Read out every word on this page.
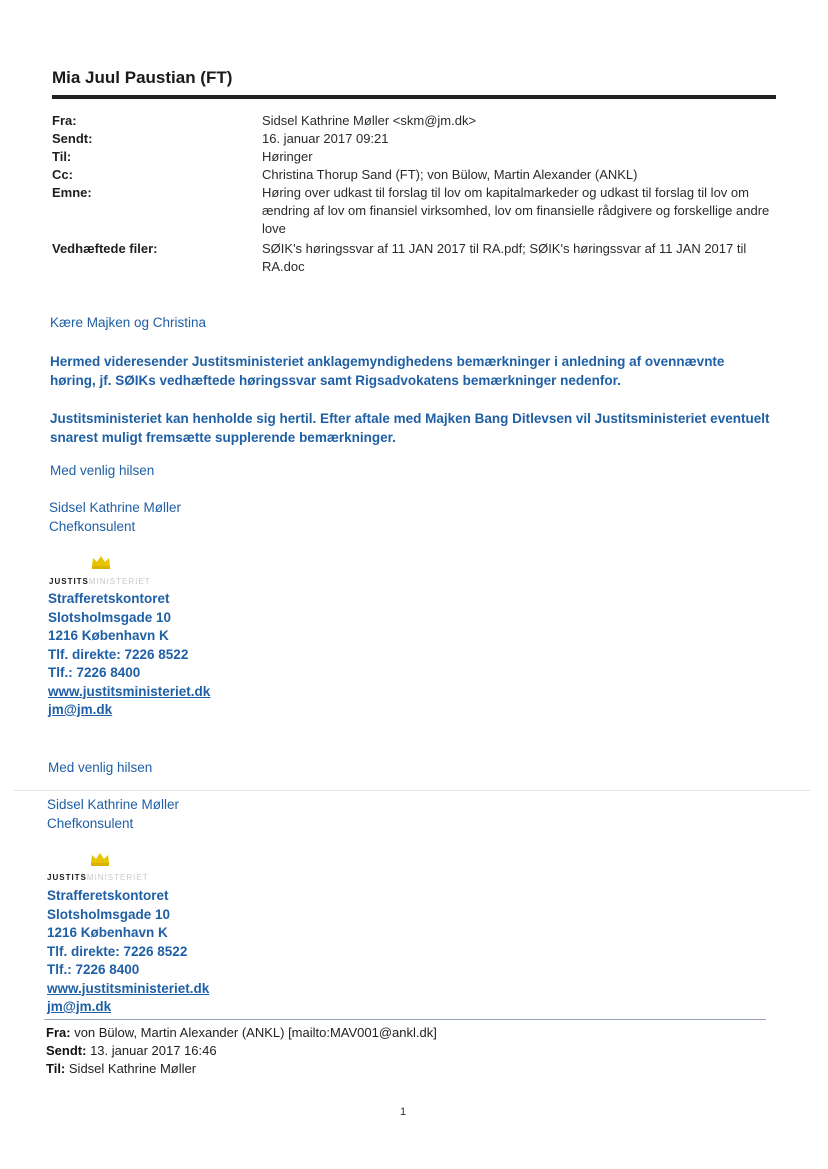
Mia Juul Paustian (FT)
Fra:	Sidsel Kathrine Møller <skm@jm.dk>
Sendt:	16. januar 2017 09:21
Til:	Høringer
Cc:	Christina Thorup Sand (FT); von Bülow, Martin Alexander (ANKL)
Emne:	Høring over udkast til forslag til lov om kapitalmarkeder og udkast til forslag til lov om ændring af lov om finansiel virksomhed, lov om finansielle rådgivere og forskellige andre love
Vedhæftede filer:	SØIK's høringssvar af 11 JAN 2017 til RA.pdf; SØIK's høringssvar af 11 JAN 2017 til RA.doc
Kære Majken og Christina
Hermed videresender Justitsministeriet anklagemyndighedens bemærkninger i anledning af ovennævnte høring, jf. SØIKs vedhæftede høringssvar samt Rigsadvokatens bemærkninger nedenfor.
Justitsministeriet kan henholde sig hertil. Efter aftale med Majken Bang Ditlevsen vil Justitsministeriet eventuelt snarest muligt fremsætte supplerende bemærkninger.
Med venlig hilsen
Sidsel Kathrine Møller
Chefkonsulent
JUSTITSMINISTERIET
Strafferetskontoret
Slotsholmsgade 10
1216 København K
Tlf. direkte: 7226 8522
Tlf.: 7226 8400
www.justitsministeriet.dk
jm@jm.dk
Med venlig hilsen
Sidsel Kathrine Møller
Chefkonsulent
JUSTITSMINISTERIET
Strafferetskontoret
Slotsholmsgade 10
1216 København K
Tlf. direkte: 7226 8522
Tlf.: 7226 8400
www.justitsministeriet.dk
jm@jm.dk
Fra: von Bülow, Martin Alexander (ANKL) [mailto:MAV001@ankl.dk]
Sendt: 13. januar 2017 16:46
Til: Sidsel Kathrine Møller
1
